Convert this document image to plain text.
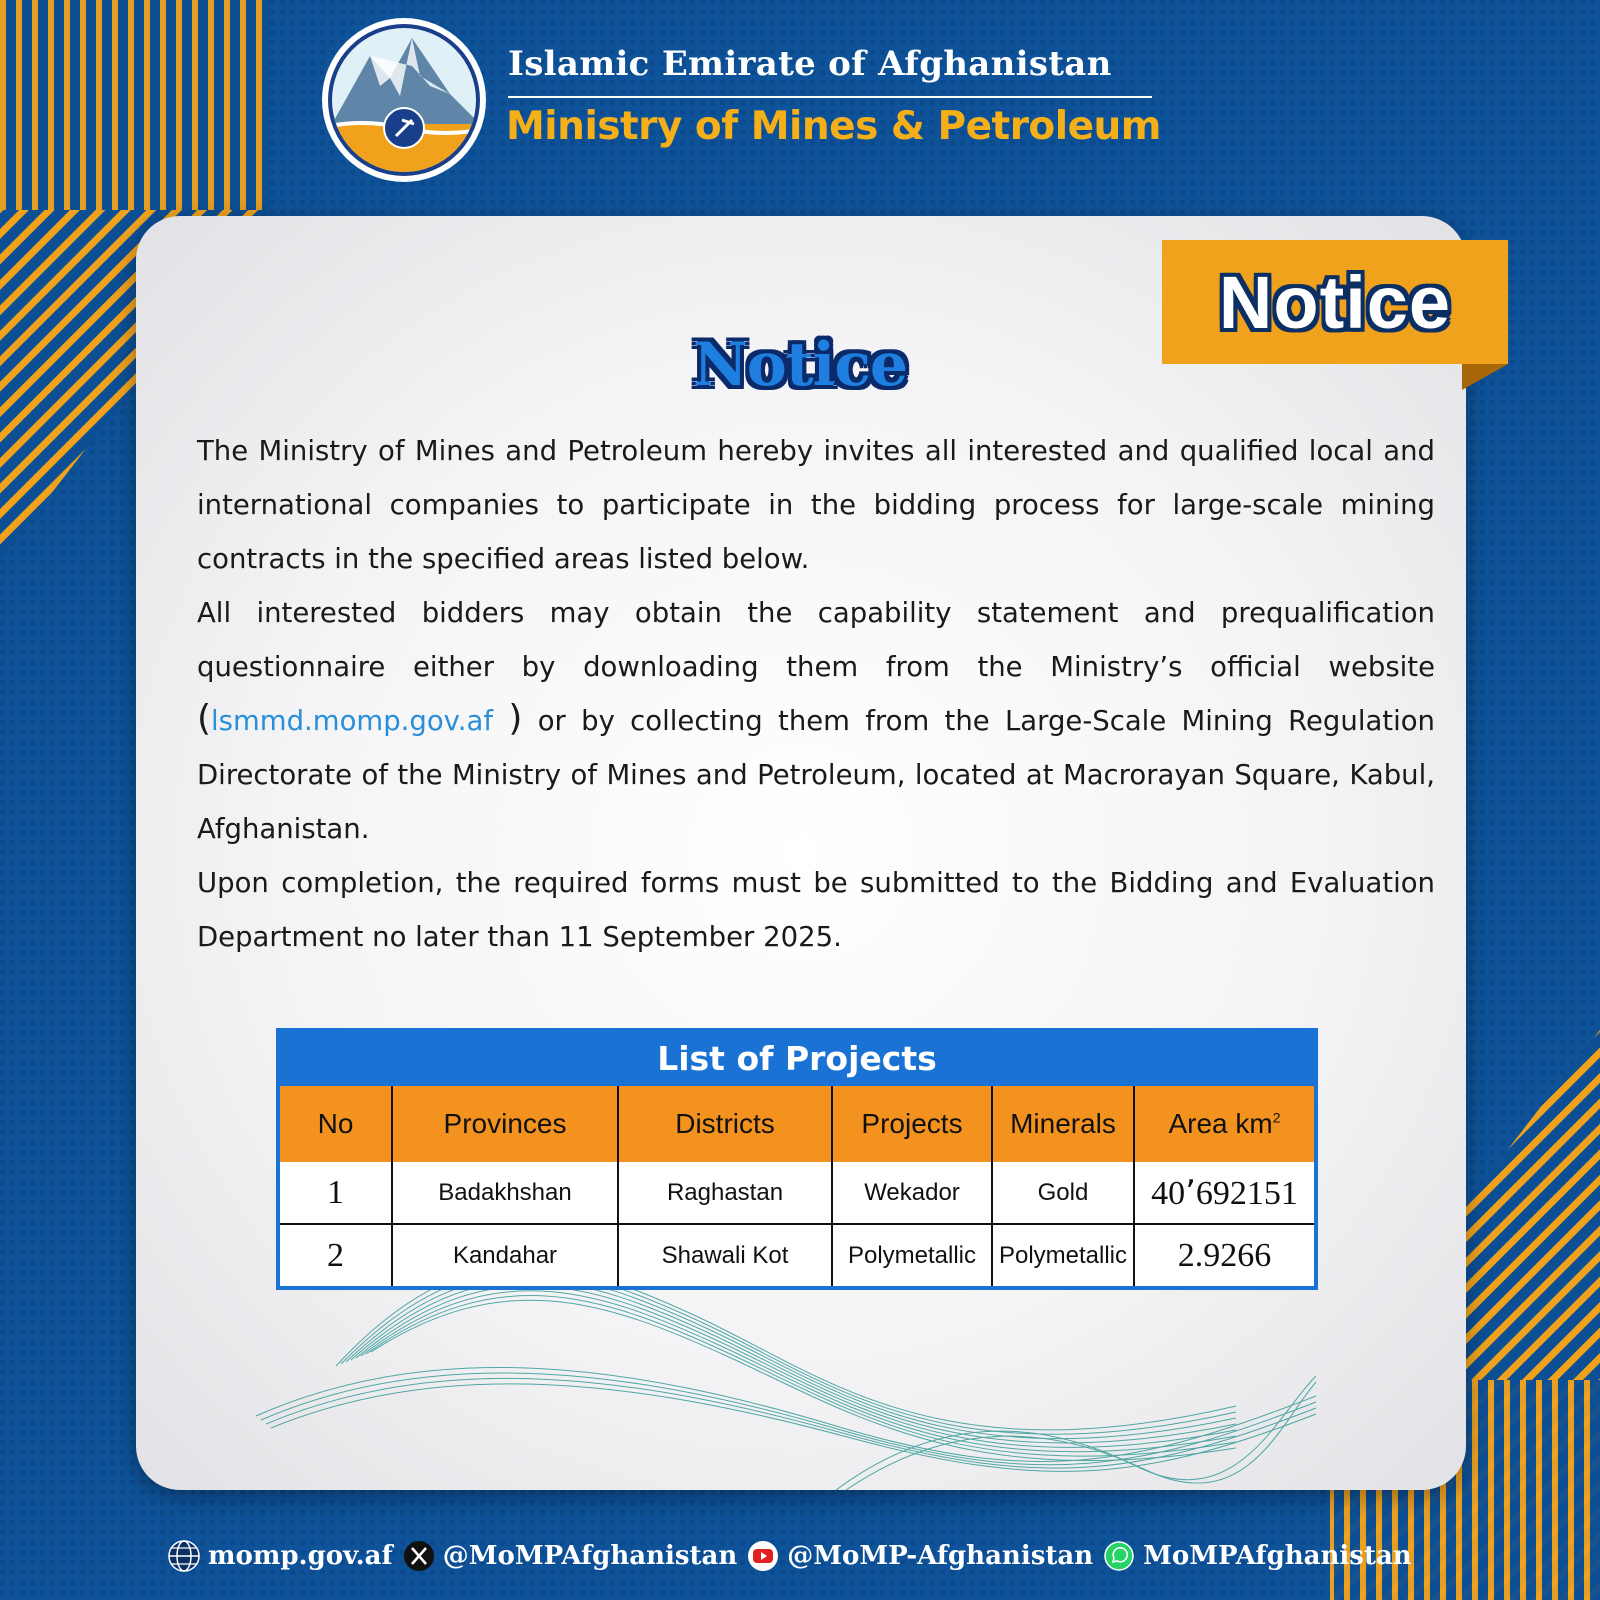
Islamic Emirate of Afghanistan
Ministry of Mines & Petroleum
Notice
Notice

The Ministry of Mines and Petroleum hereby invites all interested and qualified local and international companies to participate in the bidding process for large-scale mining contracts in the specified areas listed below.

All interested bidders may obtain the capability statement and prequalification questionnaire either by downloading them from the Ministry’s official website (lsmmd.momp.gov.af ) or by collecting them from the Large-Scale Mining Regulation Directorate of the Ministry of Mines and Petroleum, located at Macrorayan Square, Kabul, Afghanistan.

Upon completion, the required forms must be submitted to the Bidding and Evaluation Department no later than 11 September 2025.

List of Projects
No	Provinces	Districts	Projects	Minerals	Area $km^2$
1	Badakhshan	Raghastan	Wekador	Gold	40٬692151
2	Kandahar	Shawali Kot	Polymetallic	Polymetallic	2.9266
momp.gov.af @MoMPAfghanistan @MoMP-Afghanistan MoMPAfghanistan
